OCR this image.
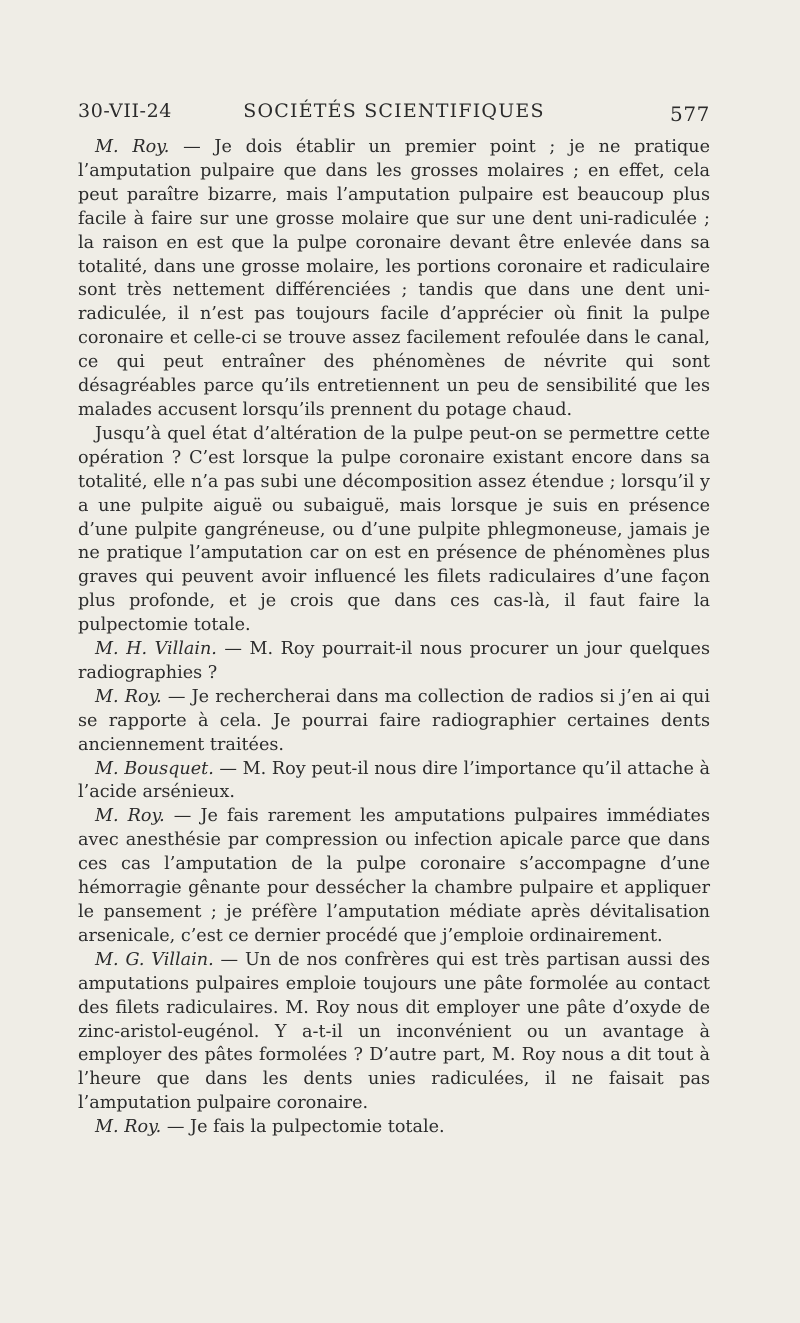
30-VII-24	SOCIÉTÉS SCIENTIFIQUES	577

M. Roy. — Je dois établir un premier point ; je ne pratique l’amputation pulpaire que dans les grosses molaires ; en effet, cela peut paraître bizarre, mais l’amputation pulpaire est beaucoup plus facile à faire sur une grosse molaire que sur une dent uni-radiculée ; la raison en est que la pulpe coronaire devant être enlevée dans sa totalité, dans une grosse molaire, les portions coronaire et radiculaire sont très nettement différenciées ; tandis que dans une dent uni-radiculée, il n’est pas toujours facile d’apprécier où finit la pulpe coronaire et celle-ci se trouve assez facilement refoulée dans le canal, ce qui peut entraîner des phénomènes de névrite qui sont désagréables parce qu’ils entretiennent un peu de sensibilité que les malades accusent lorsqu’ils prennent du potage chaud.

Jusqu’à quel état d’altération de la pulpe peut-on se permettre cette opération ? C’est lorsque la pulpe coronaire existant encore dans sa totalité, elle n’a pas subi une décomposition assez étendue ; lorsqu’il y a une pulpite aiguë ou subaiguë, mais lorsque je suis en présence d’une pulpite gangréneuse, ou d’une pulpite phlegmoneuse, jamais je ne pratique l’amputation car on est en présence de phénomènes plus graves qui peuvent avoir influencé les filets radiculaires d’une façon plus profonde, et je crois que dans ces cas-là, il faut faire la pulpectomie totale.

M. H. Villain. — M. Roy pourrait-il nous procurer un jour quelques radiographies ?

M. Roy. — Je rechercherai dans ma collection de radios si j’en ai qui se rapporte à cela. Je pourrai faire radiographier certaines dents anciennement traitées.

M. Bousquet. — M. Roy peut-il nous dire l’importance qu’il attache à l’acide arsénieux.

M. Roy. — Je fais rarement les amputations pulpaires immédiates avec anesthésie par compression ou infection apicale parce que dans ces cas l’amputation de la pulpe coronaire s’accompagne d’une hémorragie gênante pour dessécher la chambre pulpaire et appliquer le pansement ; je préfère l’amputation médiate après dévitalisation arsenicale, c’est ce dernier procédé que j’emploie ordinairement.

M. G. Villain. — Un de nos confrères qui est très partisan aussi des amputations pulpaires emploie toujours une pâte formolée au contact des filets radiculaires. M. Roy nous dit employer une pâte d’oxyde de zinc-aristol-eugénol. Y a-t-il un inconvénient ou un avantage à employer des pâtes formolées ? D’autre part, M. Roy nous a dit tout à l’heure que dans les dents unies radiculées, il ne faisait pas l’amputation pulpaire coronaire.

M. Roy. — Je fais la pulpectomie totale.
